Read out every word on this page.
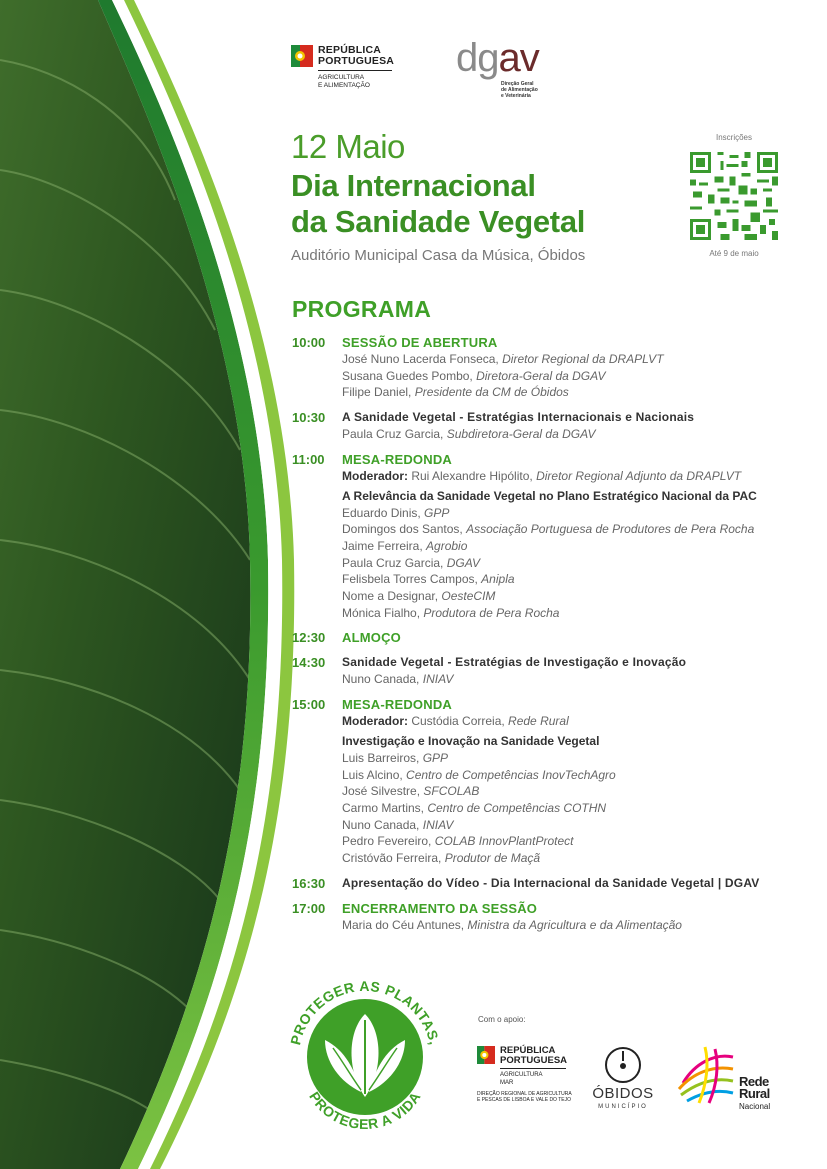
REPÚBLICA
PORTUGUESA
AGRICULTURA
E ALIMENTAÇÃO
dgav
Direção Geral
de Alimentação
e Veterinária
12 Maio
Dia Internacional
da Sanidade Vegetal
Auditório Municipal Casa da Música, Óbidos
Inscrições
Até 9 de maio
PROGRAMA
10:00 SESSÃO DE ABERTURA
José Nuno Lacerda Fonseca, Diretor Regional da DRAPLVT
Susana Guedes Pombo, Diretora-Geral da DGAV
Filipe Daniel, Presidente da CM de Óbidos
10:30 A Sanidade Vegetal - Estratégias Internacionais e Nacionais
Paula Cruz Garcia, Subdiretora-Geral da DGAV
11:00 MESA-REDONDA
Moderador: Rui Alexandre Hipólito, Diretor Regional Adjunto da DRAPLVT
A Relevância da Sanidade Vegetal no Plano Estratégico Nacional da PAC
Eduardo Dinis, GPP
Domingos dos Santos, Associação Portuguesa de Produtores de Pera Rocha
Jaime Ferreira, Agrobio
Paula Cruz Garcia, DGAV
Felisbela Torres Campos, Anipla
Nome a Designar, OesteCIM
Mónica Fialho, Produtora de Pera Rocha
12:30 ALMOÇO
14:30 Sanidade Vegetal - Estratégias de Investigação e Inovação
Nuno Canada, INIAV
15:00 MESA-REDONDA
Moderador: Custódia Correia, Rede Rural
Investigação e Inovação na Sanidade Vegetal
Luis Barreiros, GPP
Luis Alcino, Centro de Competências InovTechAgro
José Silvestre, SFCOLAB
Carmo Martins, Centro de Competências COTHN
Nuno Canada, INIAV
Pedro Fevereiro, COLAB InnovPlantProtect
Cristóvão Ferreira, Produtor de Maçã
16:30 Apresentação do Vídeo - Dia Internacional da Sanidade Vegetal | DGAV
17:00 ENCERRAMENTO DA SESSÃO
Maria do Céu Antunes, Ministra da Agricultura e da Alimentação
PROTEGER AS PLANTAS,
PROTEGER A VIDA
Com o apoio:
REPÚBLICA
PORTUGUESA
AGRICULTURA
MAR
DIREÇÃO REGIONAL DE AGRICULTURA
E PESCAS DE LISBOA E VALE DO TEJO	ÓBIDOS
MUNICÍPIO
Rede
Rural
Nacional
